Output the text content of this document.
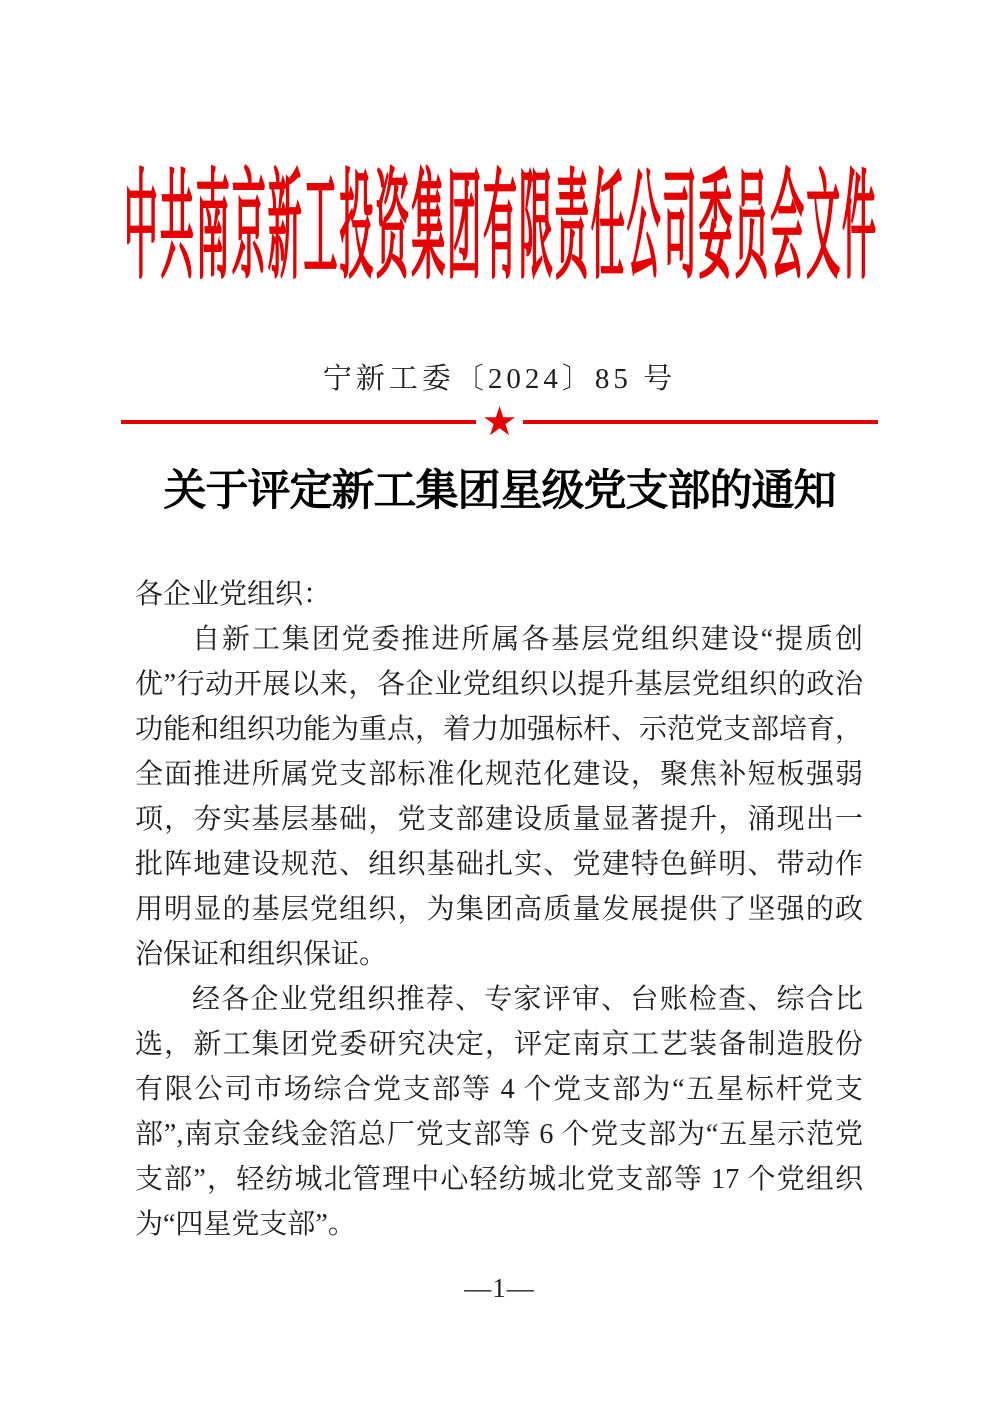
中共南京新工投资集团有限责任公司委员会文件
宁新工委〔2024〕85 号
★
关于评定新工集团星级党支部的通知
各企业党组织：
自新工集团党委推进所属各基层党组织建设“提质创
优”行动开展以来，各企业党组织以提升基层党组织的政治
功能和组织功能为重点，着力加强标杆、示范党支部培育，
全面推进所属党支部标准化规范化建设，聚焦补短板强弱
项，夯实基层基础，党支部建设质量显著提升，涌现出一
批阵地建设规范、组织基础扎实、党建特色鲜明、带动作
用明显的基层党组织，为集团高质量发展提供了坚强的政
治保证和组织保证。
经各企业党组织推荐、专家评审、台账检查、综合比
选，新工集团党委研究决定，评定南京工艺装备制造股份
有限公司市场综合党支部等 4 个党支部为“五星标杆党支
部”,南京金线金箔总厂党支部等 6 个党支部为“五星示范党
支部”，轻纺城北管理中心轻纺城北党支部等 17 个党组织
为“四星党支部”。
—1—
